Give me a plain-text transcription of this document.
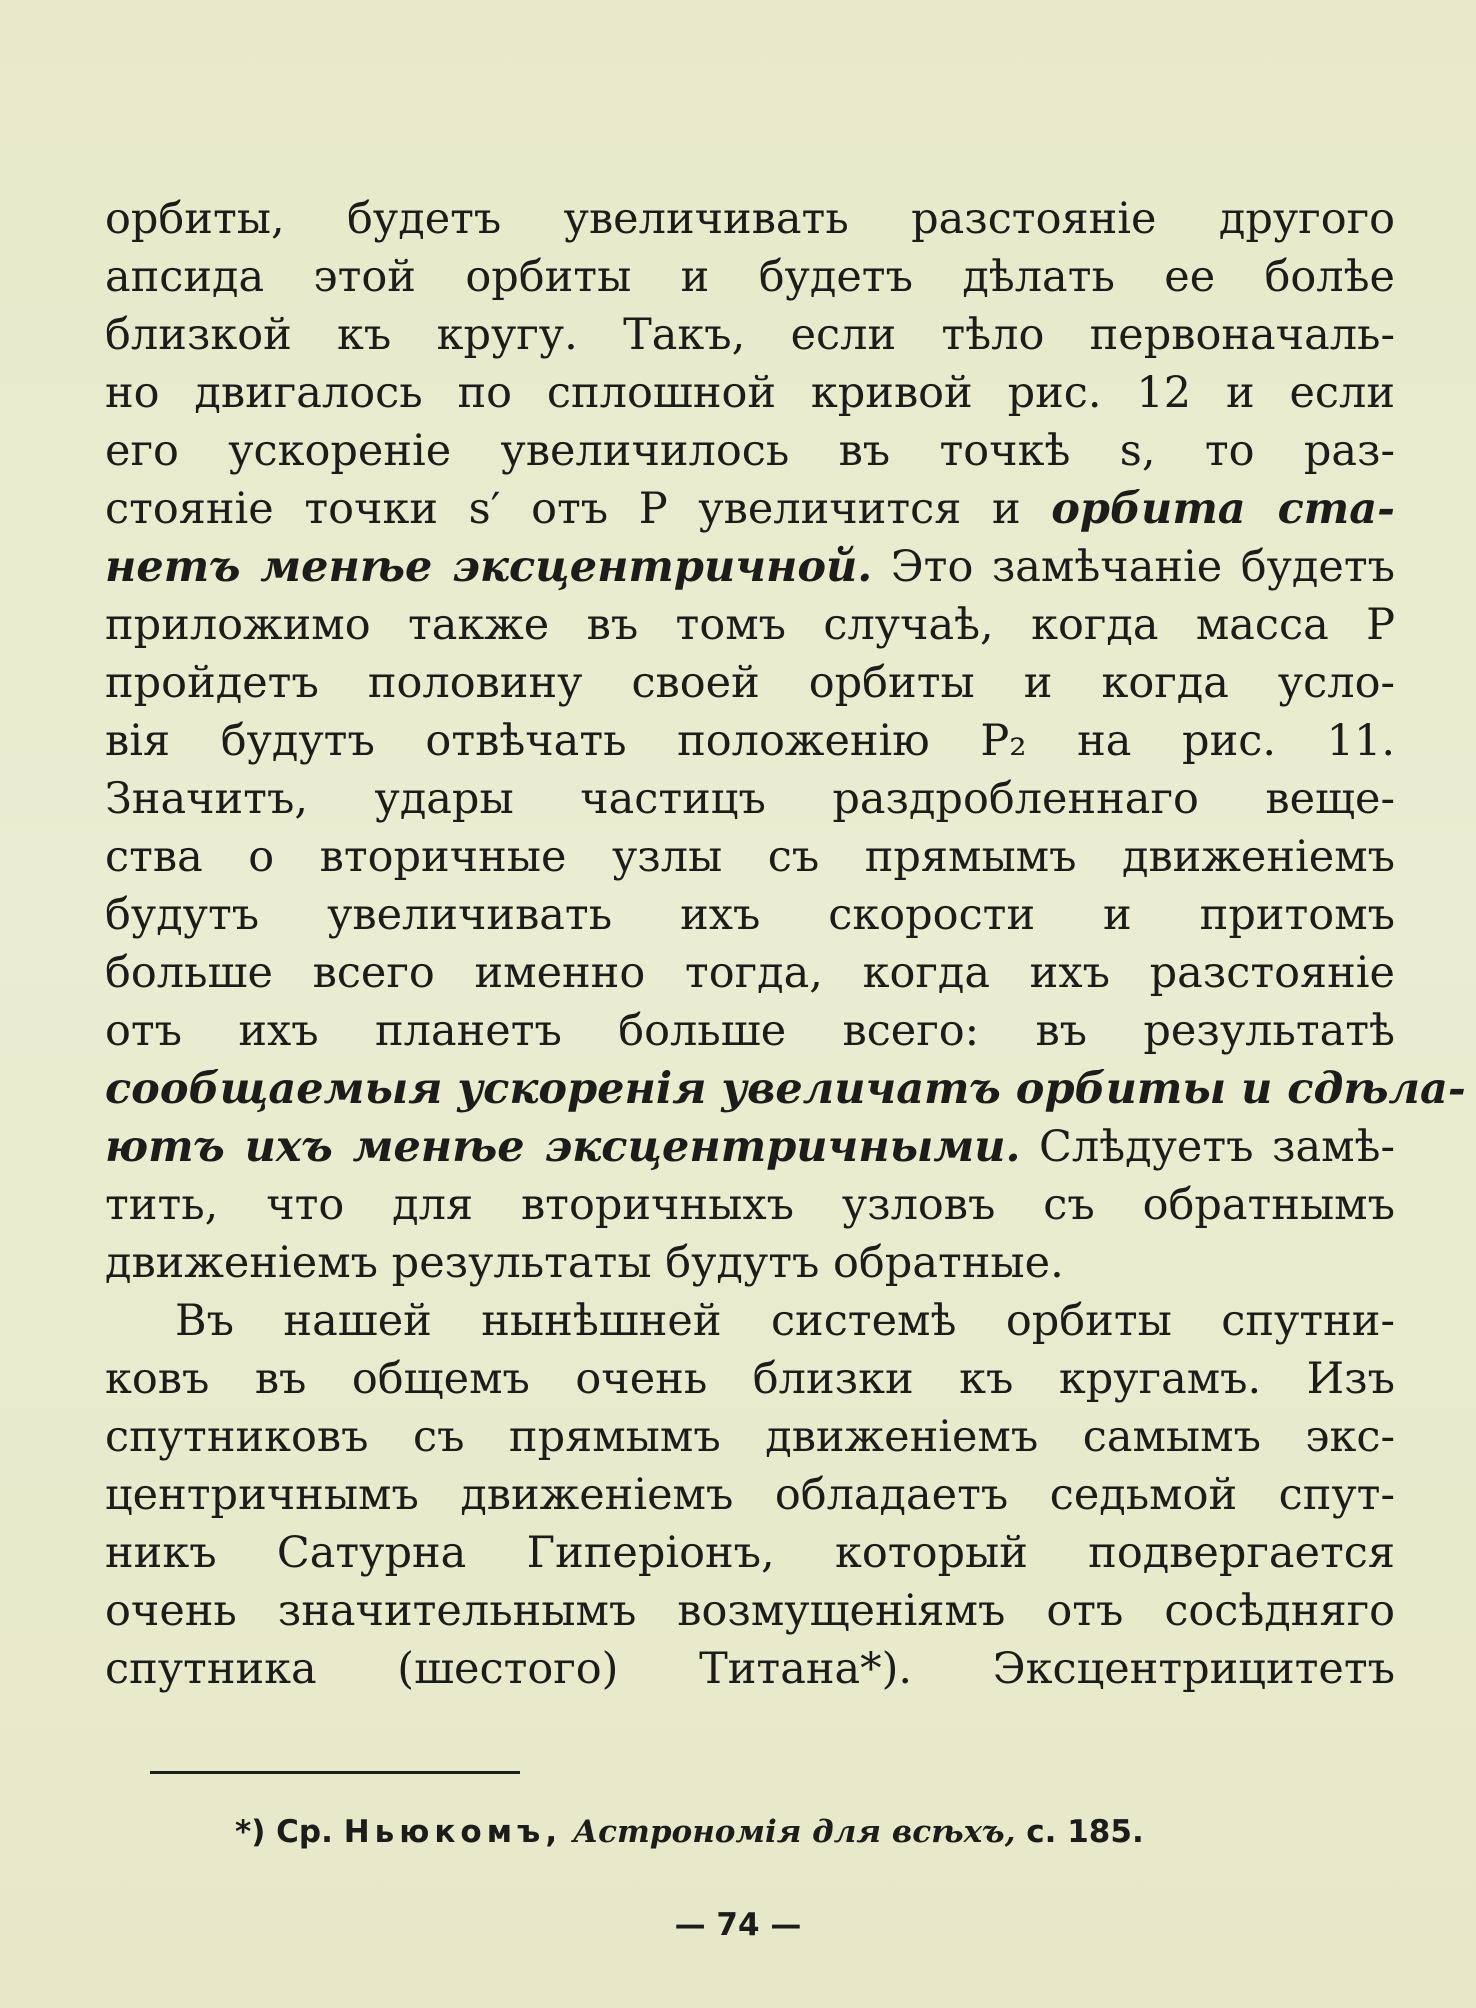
орбиты, будетъ увеличивать разстояніе другого
апсида этой орбиты и будетъ дѣлать ее болѣе
близкой къ кругу. Такъ, если тѣло первоначаль-
но двигалось по сплошной кривой рис. 12 и если
его ускореніе увеличилось въ точкѣ s, то раз-
стояніе точки s′ отъ P увеличится и орбита ста-
нетъ менѣе эксцентричной. Это замѣчаніе будетъ
приложимо также въ томъ случаѣ, когда масса P
пройдетъ половину своей орбиты и когда усло-
вія будутъ отвѣчать положенію P₂ на рис. 11.
Значитъ, удары частицъ раздробленнаго веще-
ства о вторичные узлы съ прямымъ движеніемъ
будутъ увеличивать ихъ скорости и притомъ
больше всего именно тогда, когда ихъ разстояніе
отъ ихъ планетъ больше всего: въ результатѣ
сообщаемыя ускоренія увеличатъ орбиты и сдѣла-
ютъ ихъ менѣе эксцентричными. Слѣдуетъ замѣ-
тить, что для вторичныхъ узловъ съ обратнымъ
движеніемъ результаты будутъ обратные.
Въ нашей нынѣшней системѣ орбиты спутни-
ковъ въ общемъ очень близки къ кругамъ. Изъ
спутниковъ съ прямымъ движеніемъ самымъ экс-
центричнымъ движеніемъ обладаетъ седьмой спут-
никъ Сатурна Гиперіонъ, который подвергается
очень значительнымъ возмущеніямъ отъ сосѣдняго
спутника (шестого) Титана*). Эксцентрицитетъ
*) Ср. Ньюкомъ, Астрономія для всѣхъ, с. 185.
— 74 —
